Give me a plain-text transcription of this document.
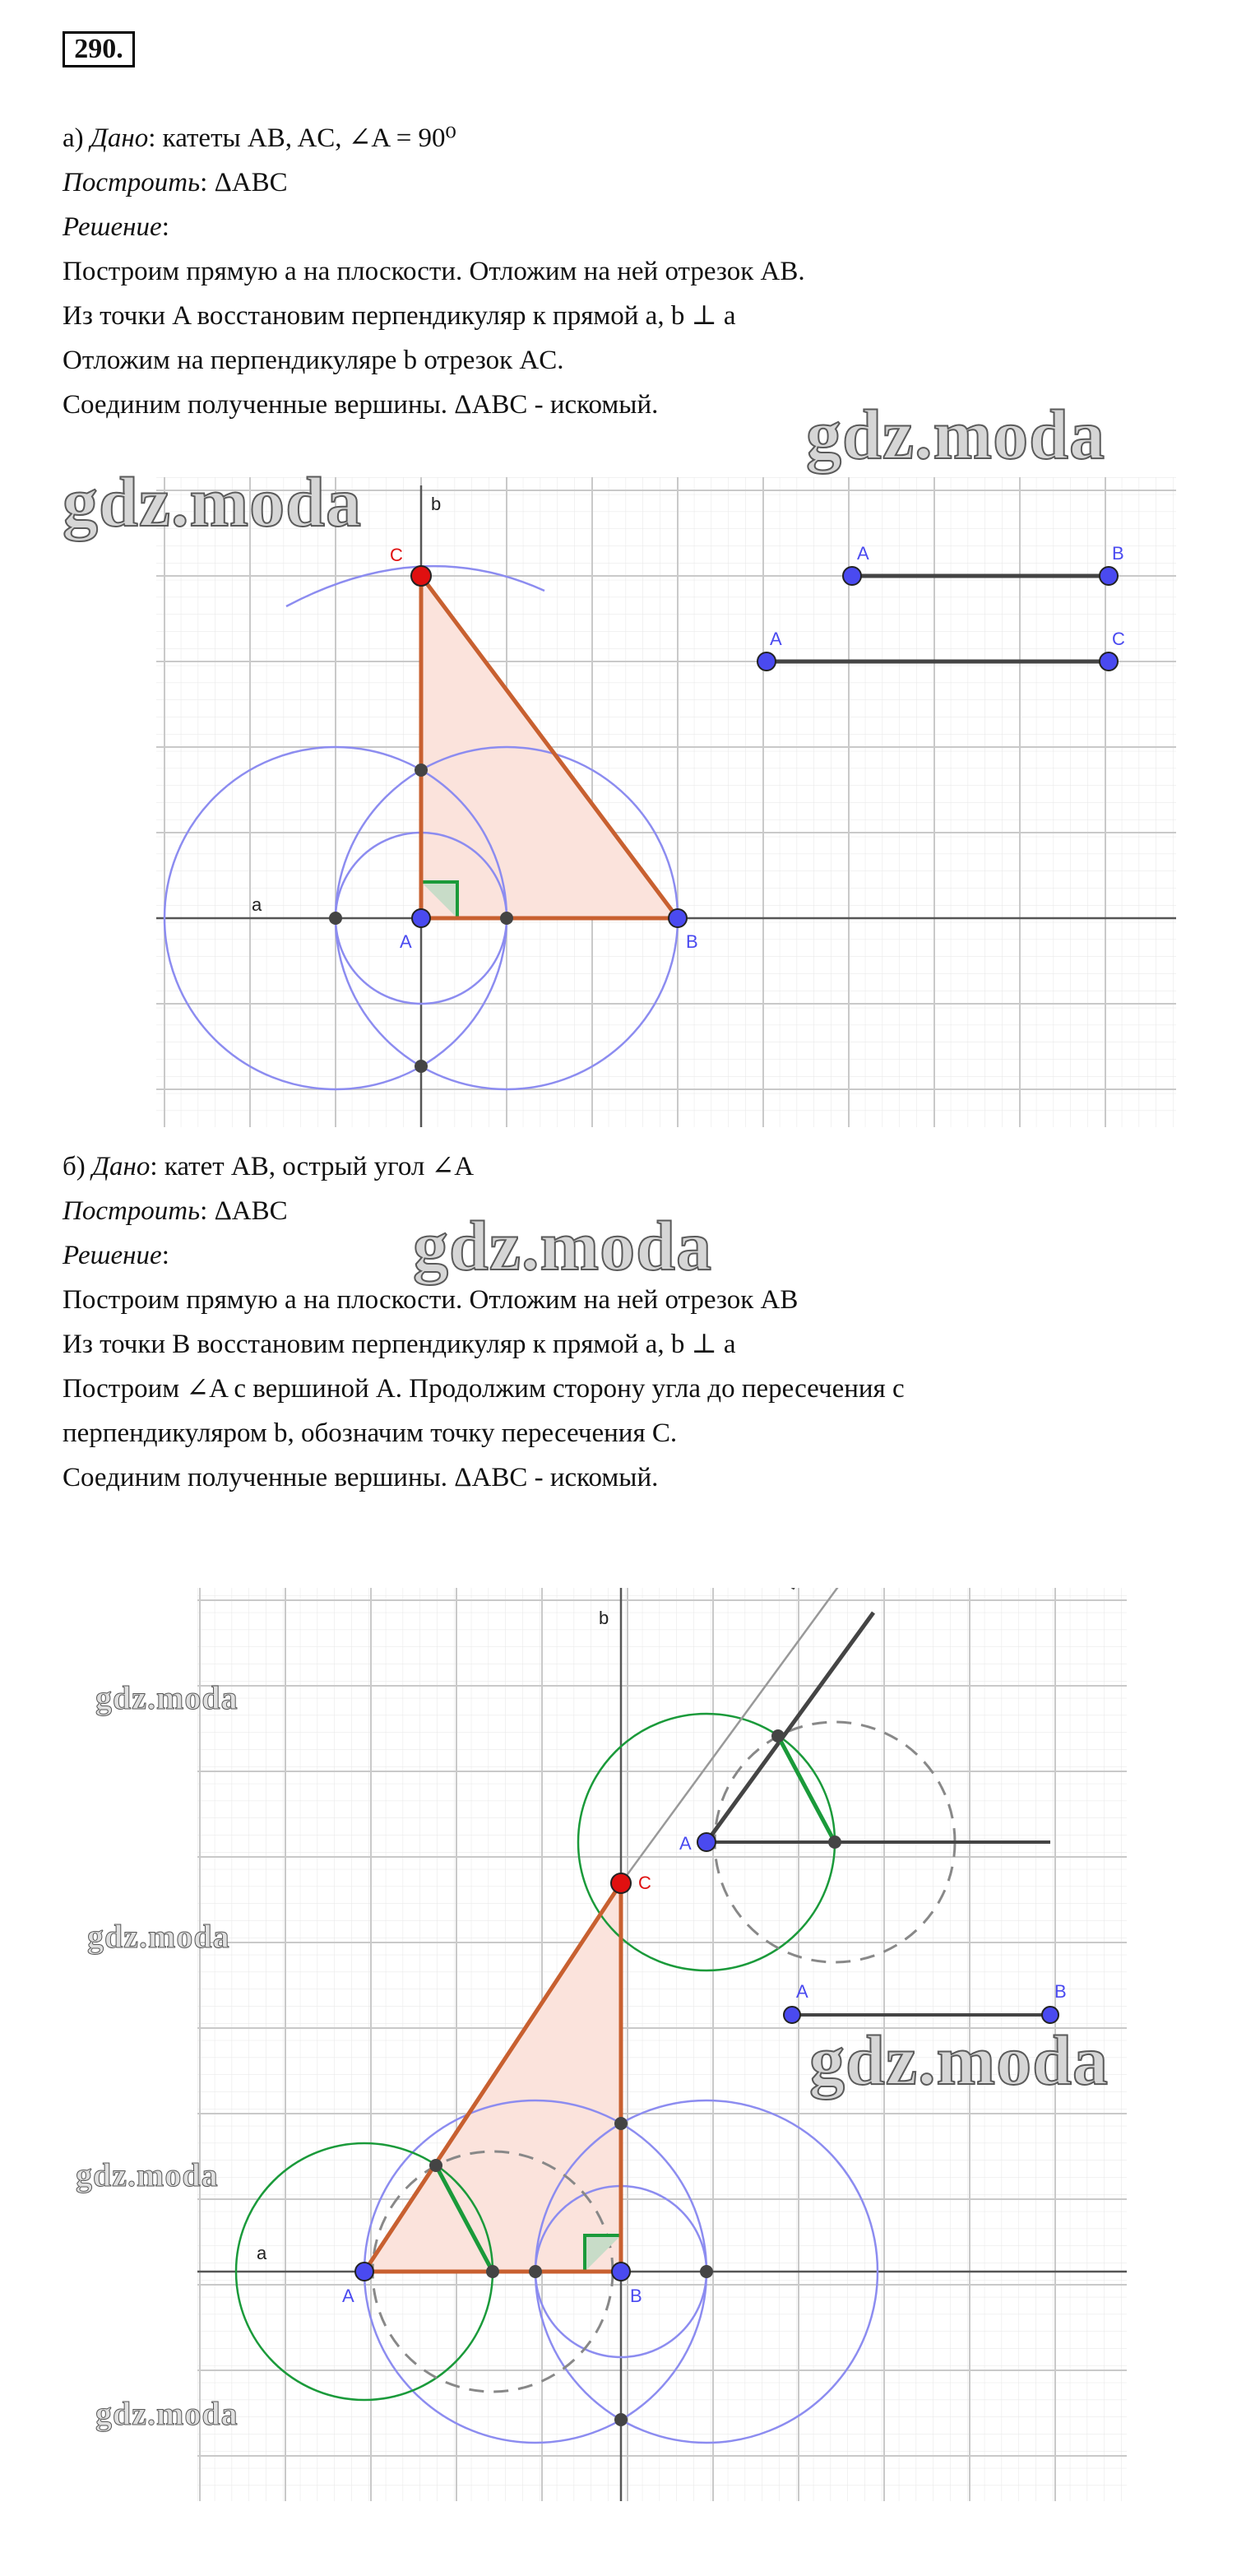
290.
а) Дано: катеты AB, AC, ∠A = 90⁰
Построить: ΔABC
Решение:
Построим прямую a на плоскости. Отложим на ней отрезок AB.
Из точки A восстановим перпендикуляр к прямой a, b ⊥ a
Отложим на перпендикуляре b отрезок AC.
Соединим полученные вершины. ΔABC - искомый.
b
a
A	B
C	A	B
A	C
б) Дано: катет AB, острый угол ∠A
Построить: ΔABC
Решение:
Построим прямую a на плоскости. Отложим на ней отрезок AB
Из точки B восстановим перпендикуляр к прямой a, b ⊥ a
Построим ∠A с вершиной A. Продолжим сторону угла до пересечения с
перпендикуляром b, обозначим точку пересечения C.
Соединим полученные вершины. ΔABC - искомый.
b
a
A	B
C
A
A	B
gdz.moda
gdz.moda
gdz.moda
gdz.moda
gdz.moda
gdz.moda
gdz.moda
gdz.moda
